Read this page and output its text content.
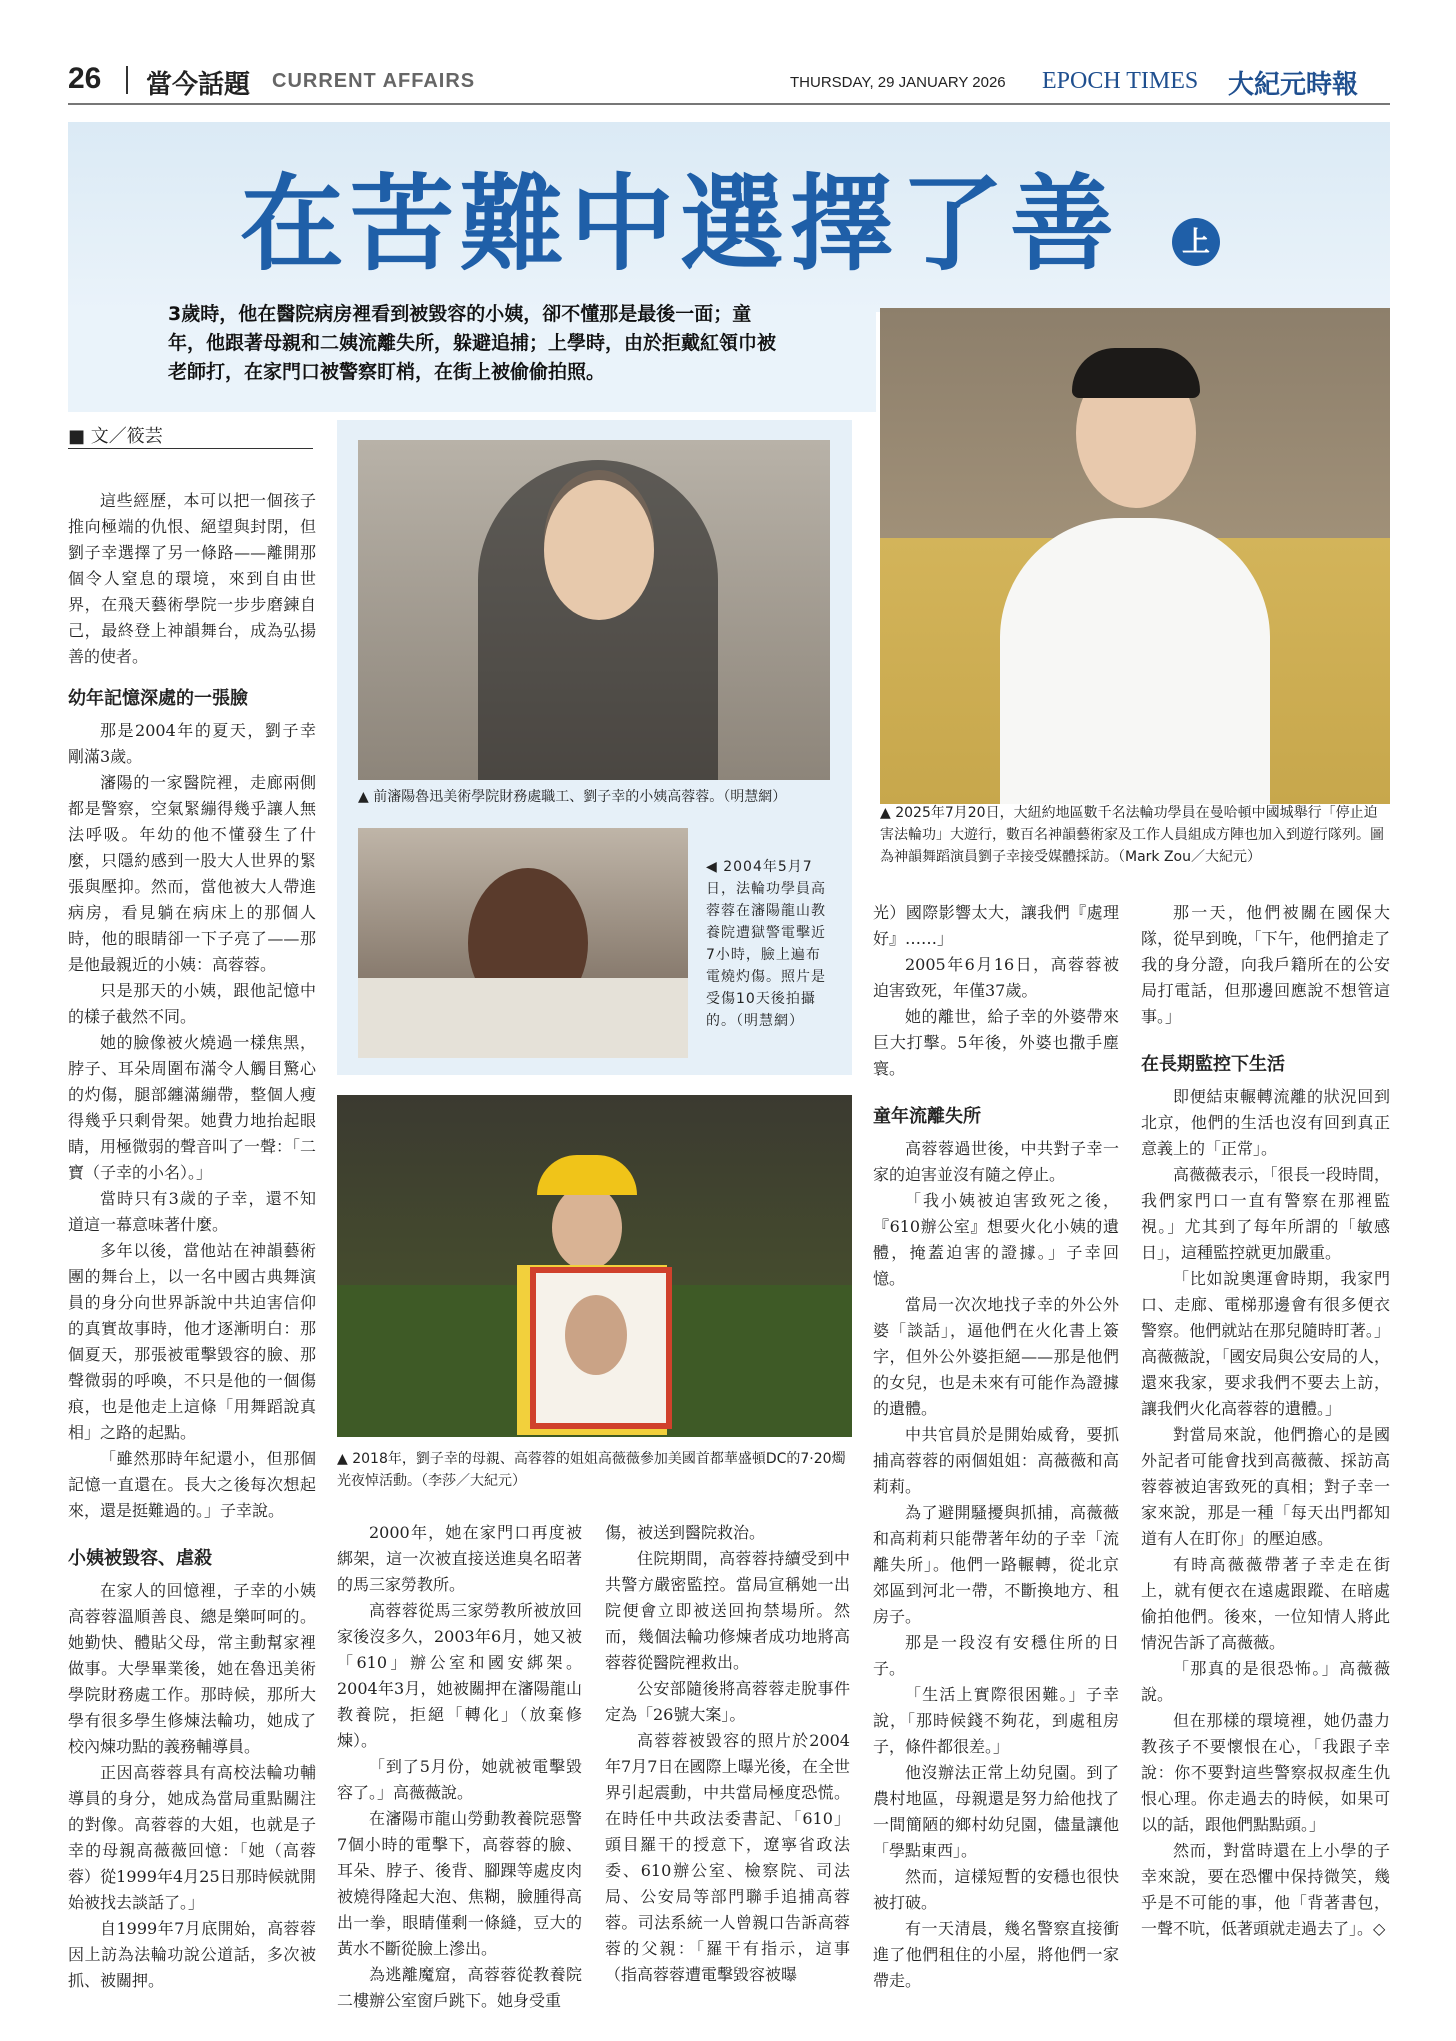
26 當今話題 CURRENT AFFAIRS	THURSDAY, 29 JANUARY 2026 EPOCH TIMES 大紀元時報
在苦難中選擇了善	上
3歲時，他在醫院病房裡看到被毀容的小姨，卻不懂那是最後一面；童年，他跟著母親和二姨流離失所，躲避追捕；上學時，由於拒戴紅領巾被老師打，在家門口被警察盯梢，在街上被偷偷拍照。
■ 文／筱芸
▲ 前瀋陽魯迅美術學院財務處職工、劉子幸的小姨高蓉蓉。（明慧網）
◀ 2004年5月7日，法輪功學員高蓉蓉在瀋陽龍山教養院遭獄警電擊近7小時，臉上遍布電燒灼傷。照片是受傷10天後拍攝的。（明慧網）
▲ 2018年，劉子幸的母親、高蓉蓉的姐姐高薇薇參加美國首都華盛頓DC的7·20燭光夜悼活動。（李莎／大紀元）
▲ 2025年7月20日，大紐約地區數千名法輪功學員在曼哈頓中國城舉行「停止迫害法輪功」大遊行，數百名神韻藝術家及工作人員組成方陣也加入到遊行隊列。圖為神韻舞蹈演員劉子幸接受媒體採訪。（Mark Zou／大紀元）

這些經歷，本可以把一個孩子推向極端的仇恨、絕望與封閉，但劉子幸選擇了另一條路——離開那個令人窒息的環境，來到自由世界，在飛天藝術學院一步步磨鍊自己，最終登上神韻舞台，成為弘揚善的使者。

幼年記憶深處的一張臉

那是2004年的夏天，劉子幸剛滿3歲。

瀋陽的一家醫院裡，走廊兩側都是警察，空氣緊繃得幾乎讓人無法呼吸。年幼的他不懂發生了什麼，只隱約感到一股大人世界的緊張與壓抑。然而，當他被大人帶進病房，看見躺在病床上的那個人時，他的眼睛卻一下子亮了——那是他最親近的小姨：高蓉蓉。

只是那天的小姨，跟他記憶中的樣子截然不同。

她的臉像被火燒過一樣焦黑，脖子、耳朵周圍布滿令人觸目驚心的灼傷，腿部纏滿繃帶，整個人瘦得幾乎只剩骨架。她費力地抬起眼睛，用極微弱的聲音叫了一聲：「二寶（子幸的小名）。」

當時只有3歲的子幸，還不知道這一幕意味著什麼。

多年以後，當他站在神韻藝術團的舞台上，以一名中國古典舞演員的身分向世界訴說中共迫害信仰的真實故事時，他才逐漸明白：那個夏天，那張被電擊毀容的臉、那聲微弱的呼喚，不只是他的一個傷痕，也是他走上這條「用舞蹈說真相」之路的起點。

「雖然那時年紀還小，但那個記憶一直還在。長大之後每次想起來，還是挺難過的。」子幸說。

小姨被毀容、虐殺

在家人的回憶裡，子幸的小姨高蓉蓉溫順善良、總是樂呵呵的。她勤快、體貼父母，常主動幫家裡做事。大學畢業後，她在魯迅美術學院財務處工作。那時候，那所大學有很多學生修煉法輪功，她成了校內煉功點的義務輔導員。

正因高蓉蓉具有高校法輪功輔導員的身分，她成為當局重點關注的對像。高蓉蓉的大姐，也就是子幸的母親高薇薇回憶：「她（高蓉蓉）從1999年4月25日那時候就開始被找去談話了。」

自1999年7月底開始，高蓉蓉因上訪為法輪功說公道話，多次被抓、被關押。

2000年，她在家門口再度被綁架，這一次被直接送進臭名昭著的馬三家勞教所。

高蓉蓉從馬三家勞教所被放回家後沒多久，2003年6月，她又被「610」辦公室和國安綁架。2004年3月，她被關押在瀋陽龍山教養院，拒絕「轉化」（放棄修煉）。

「到了5月份，她就被電擊毀容了。」高薇薇說。

在瀋陽市龍山勞動教養院惡警7個小時的電擊下，高蓉蓉的臉、耳朵、脖子、後背、腳踝等處皮肉被燒得隆起大泡、焦糊，臉腫得高出一拳，眼睛僅剩一條縫，豆大的黃水不斷從臉上滲出。

為逃離魔窟，高蓉蓉從教養院二樓辦公室窗戶跳下。她身受重

傷，被送到醫院救治。

住院期間，高蓉蓉持續受到中共警方嚴密監控。當局宣稱她一出院便會立即被送回拘禁場所。然而，幾個法輪功修煉者成功地將高蓉蓉從醫院裡救出。

公安部隨後將高蓉蓉走脫事件定為「26號大案」。

高蓉蓉被毀容的照片於2004年7月7日在國際上曝光後，在全世界引起震動，中共當局極度恐慌。在時任中共政法委書記、「610」頭目羅干的授意下，遼寧省政法委、610辦公室、檢察院、司法局、公安局等部門聯手追捕高蓉蓉。司法系統一人曾親口告訴高蓉蓉的父親：「羅干有指示，這事（指高蓉蓉遭電擊毀容被曝

光）國際影響太大，讓我們『處理好』……」

2005年6月16日，高蓉蓉被迫害致死，年僅37歲。

她的離世，給子幸的外婆帶來巨大打擊。5年後，外婆也撒手塵寰。

童年流離失所

高蓉蓉過世後，中共對子幸一家的迫害並沒有隨之停止。

「我小姨被迫害致死之後，『610辦公室』想要火化小姨的遺體，掩蓋迫害的證據。」子幸回憶。

當局一次次地找子幸的外公外婆「談話」，逼他們在火化書上簽字，但外公外婆拒絕——那是他們的女兒，也是未來有可能作為證據的遺體。

中共官員於是開始威脅，要抓捕高蓉蓉的兩個姐姐：高薇薇和高莉莉。

為了避開騷擾與抓捕，高薇薇和高莉莉只能帶著年幼的子幸「流離失所」。他們一路輾轉，從北京郊區到河北一帶，不斷換地方、租房子。

那是一段沒有安穩住所的日子。

「生活上實際很困難。」子幸說，「那時候錢不夠花，到處租房子，條件都很差。」

他沒辦法正常上幼兒園。到了農村地區，母親還是努力給他找了一間簡陋的鄉村幼兒園，儘量讓他「學點東西」。

然而，這樣短暫的安穩也很快被打破。

有一天清晨，幾名警察直接衝進了他們租住的小屋，將他們一家帶走。

那一天，他們被關在國保大隊，從早到晚，「下午，他們搶走了我的身分證，向我戶籍所在的公安局打電話，但那邊回應說不想管這事。」

在長期監控下生活

即便結束輾轉流離的狀況回到北京，他們的生活也沒有回到真正意義上的「正常」。

高薇薇表示，「很長一段時間，我們家門口一直有警察在那裡監視。」尤其到了每年所謂的「敏感日」，這種監控就更加嚴重。

「比如說奧運會時期，我家門口、走廊、電梯那邊會有很多便衣警察。他們就站在那兒隨時盯著。」高薇薇說，「國安局與公安局的人，還來我家，要求我們不要去上訪，讓我們火化高蓉蓉的遺體。」

對當局來說，他們擔心的是國外記者可能會找到高薇薇、採訪高蓉蓉被迫害致死的真相；對子幸一家來說，那是一種「每天出門都知道有人在盯你」的壓迫感。

有時高薇薇帶著子幸走在街上，就有便衣在遠處跟蹤、在暗處偷拍他們。後來，一位知情人將此情況告訴了高薇薇。

「那真的是很恐怖。」高薇薇說。

但在那樣的環境裡，她仍盡力教孩子不要懷恨在心，「我跟子幸說：你不要對這些警察叔叔產生仇恨心理。你走過去的時候，如果可以的話，跟他們點點頭。」

然而，對當時還在上小學的子幸來說，要在恐懼中保持微笑，幾乎是不可能的事，他「背著書包，一聲不吭，低著頭就走過去了」。◇
